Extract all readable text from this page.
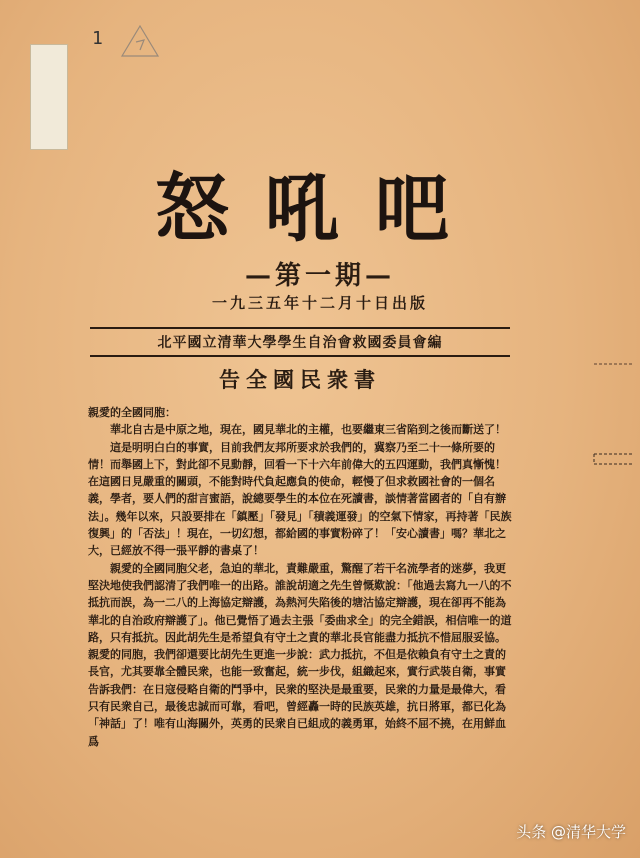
1
怒吼吧
—第一期—
一九三五年十二月十日出版
北平國立清華大學學生自治會救國委員會編
告全國民衆書

親愛的全國同胞：

華北自古是中原之地，現在，國見華北的主權，也要繼東三省陷到之後而斷送了！

這是明明白白的事實，目前我們友邦所要求於我們的，冀察乃至二十一條所要的情！而舉國上下，對此卻不見動靜，回看一下十六年前偉大的五四運動，我們真慚愧！在這國日見嚴重的關頭，不能對時代負起應負的使命，輕慢了但求救國社會的一個名義，學者，要人們的甜言蜜語，說總要學生的本位在死讀書，談情著當國者的「自有辦法」。幾年以來，只設要排在「鎮壓」「發見」「積義運發」的空氣下情家，再持著「民族復興」的「否法」！現在，一切幻想，都給國的事實粉碎了！「安心讀書」嗎？華北之大，已經放不得一張平靜的書桌了！

親愛的全國同胞父老，急迫的華北，責難嚴重，驚醒了若干名流學者的迷夢，我更堅決地使我們認清了我們唯一的出路。誰說胡適之先生曾慨歎說：「他過去寫九一八的不抵抗而誤，為一二八的上海協定辯護，為熱河失陷後的塘沽協定辯護，現在卻再不能為華北的自治政府辯護了」。他已覺悟了過去主張「委曲求全」的完全錯誤，相信唯一的道路，只有抵抗。因此胡先生是希望負有守土之責的華北長官能盡力抵抗不惜屈服妥協。親愛的同胞，我們卻還要比胡先生更進一步說：武力抵抗，不但是依賴負有守土之責的長官，尤其要靠全體民衆，也能一致奮起，統一步伐，組織起來，實行武裝自衛，事實告訴我們：在日寇侵略自衛的鬥爭中，民衆的堅決是最重要，民衆的力量是最偉大，看只有民衆自己，最後忠誠而可靠，看吧，曾經轟一時的民族英雄，抗日將軍，都已化為「神話」了！唯有山海關外，英勇的民衆自已組成的義勇軍，始終不屈不撓，在用鮮血爲

头条 @清华大学
